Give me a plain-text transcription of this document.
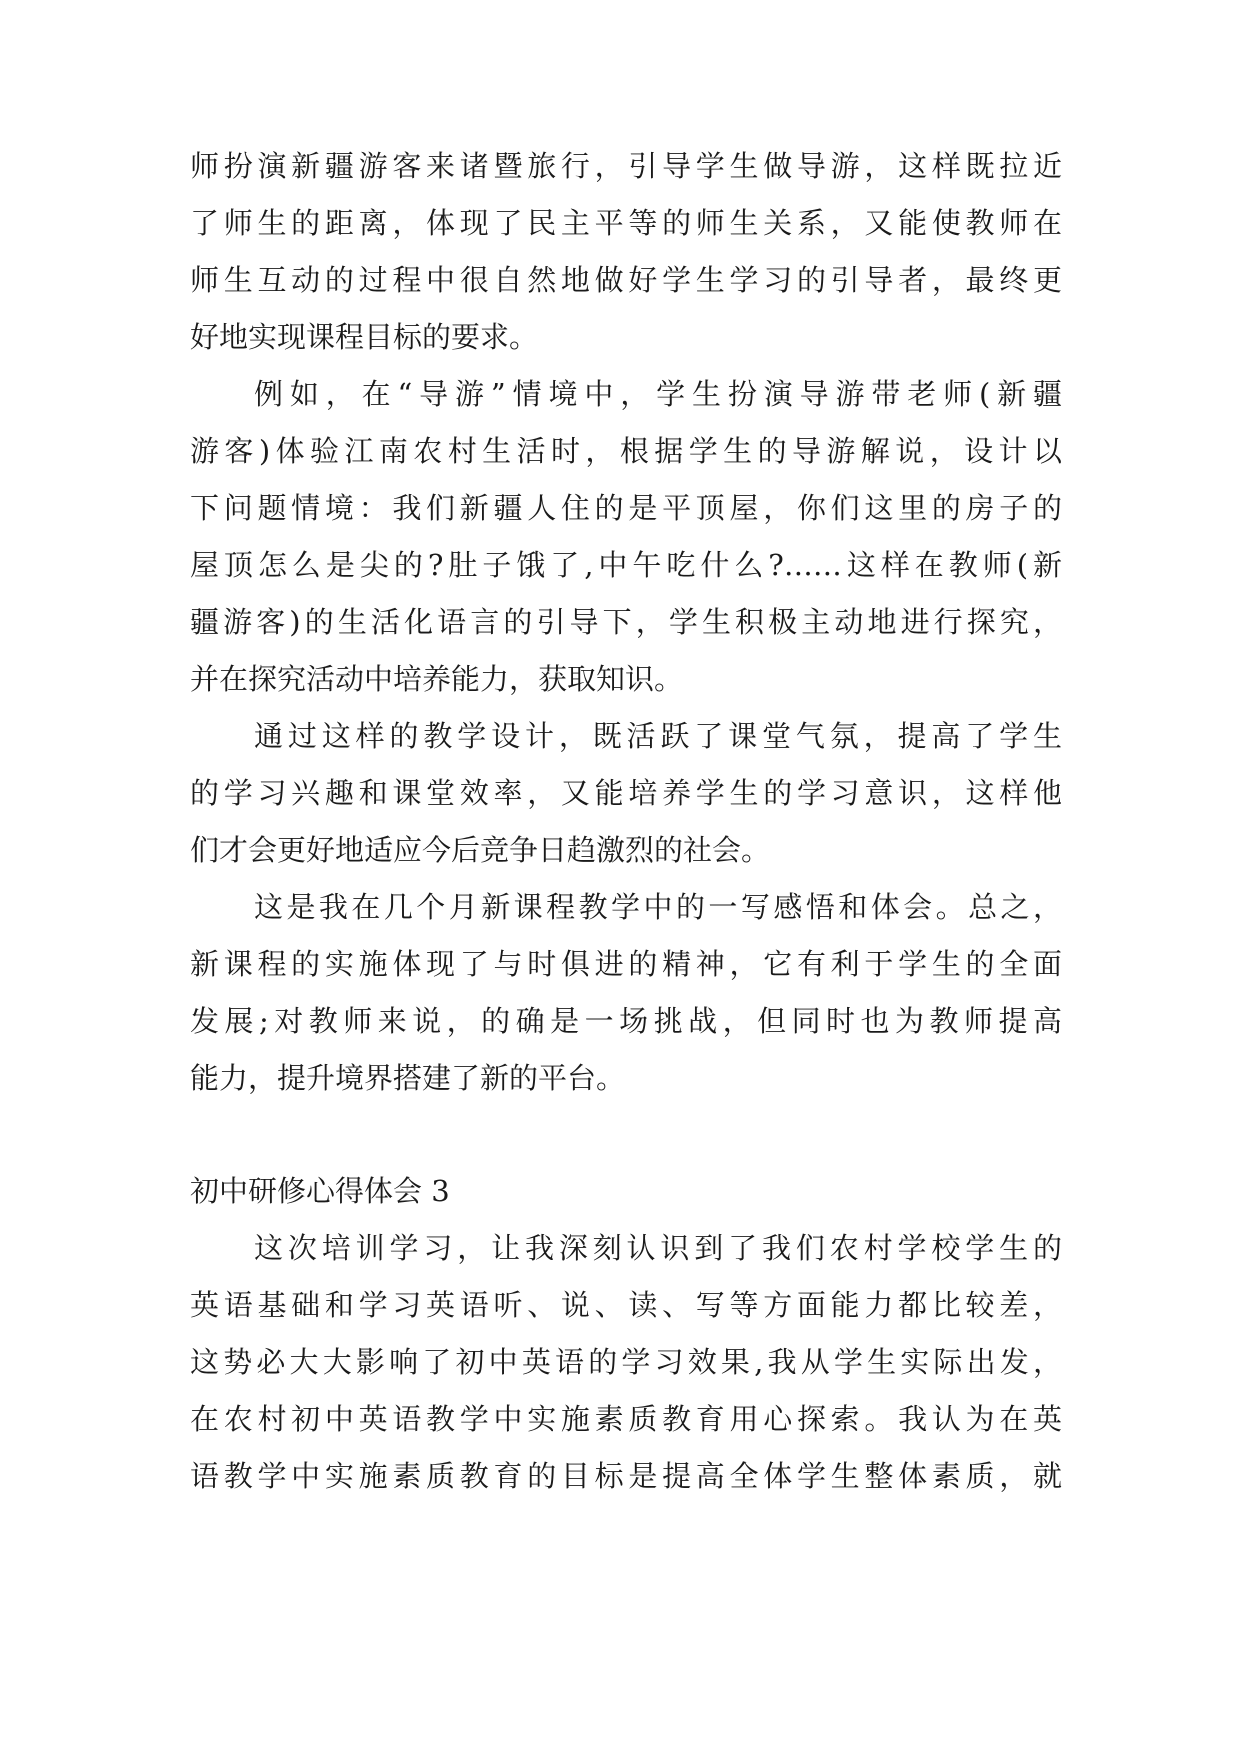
师扮演新疆游客来诸暨旅行，引导学生做导游，这样既拉近
了师生的距离，体现了民主平等的师生关系，又能使教师在
师生互动的过程中很自然地做好学生学习的引导者，最终更
好地实现课程目标的要求。
例如，在“导游”情境中，学生扮演导游带老师(新疆
游客)体验江南农村生活时，根据学生的导游解说，设计以
下问题情境：我们新疆人住的是平顶屋，你们这里的房子的
屋顶怎么是尖的?肚子饿了,中午吃什么?……这样在教师(新
疆游客)的生活化语言的引导下，学生积极主动地进行探究，
并在探究活动中培养能力，获取知识。
通过这样的教学设计，既活跃了课堂气氛，提高了学生
的学习兴趣和课堂效率，又能培养学生的学习意识，这样他
们才会更好地适应今后竞争日趋激烈的社会。
这是我在几个月新课程教学中的一写感悟和体会。总之，
新课程的实施体现了与时俱进的精神，它有利于学生的全面
发展;对教师来说，的确是一场挑战，但同时也为教师提高
能力，提升境界搭建了新的平台。
初中研修心得体会 3
这次培训学习，让我深刻认识到了我们农村学校学生的
英语基础和学习英语听、说、读、写等方面能力都比较差，
这势必大大影响了初中英语的学习效果,我从学生实际出发，
在农村初中英语教学中实施素质教育用心探索。我认为在英
语教学中实施素质教育的目标是提高全体学生整体素质，就
